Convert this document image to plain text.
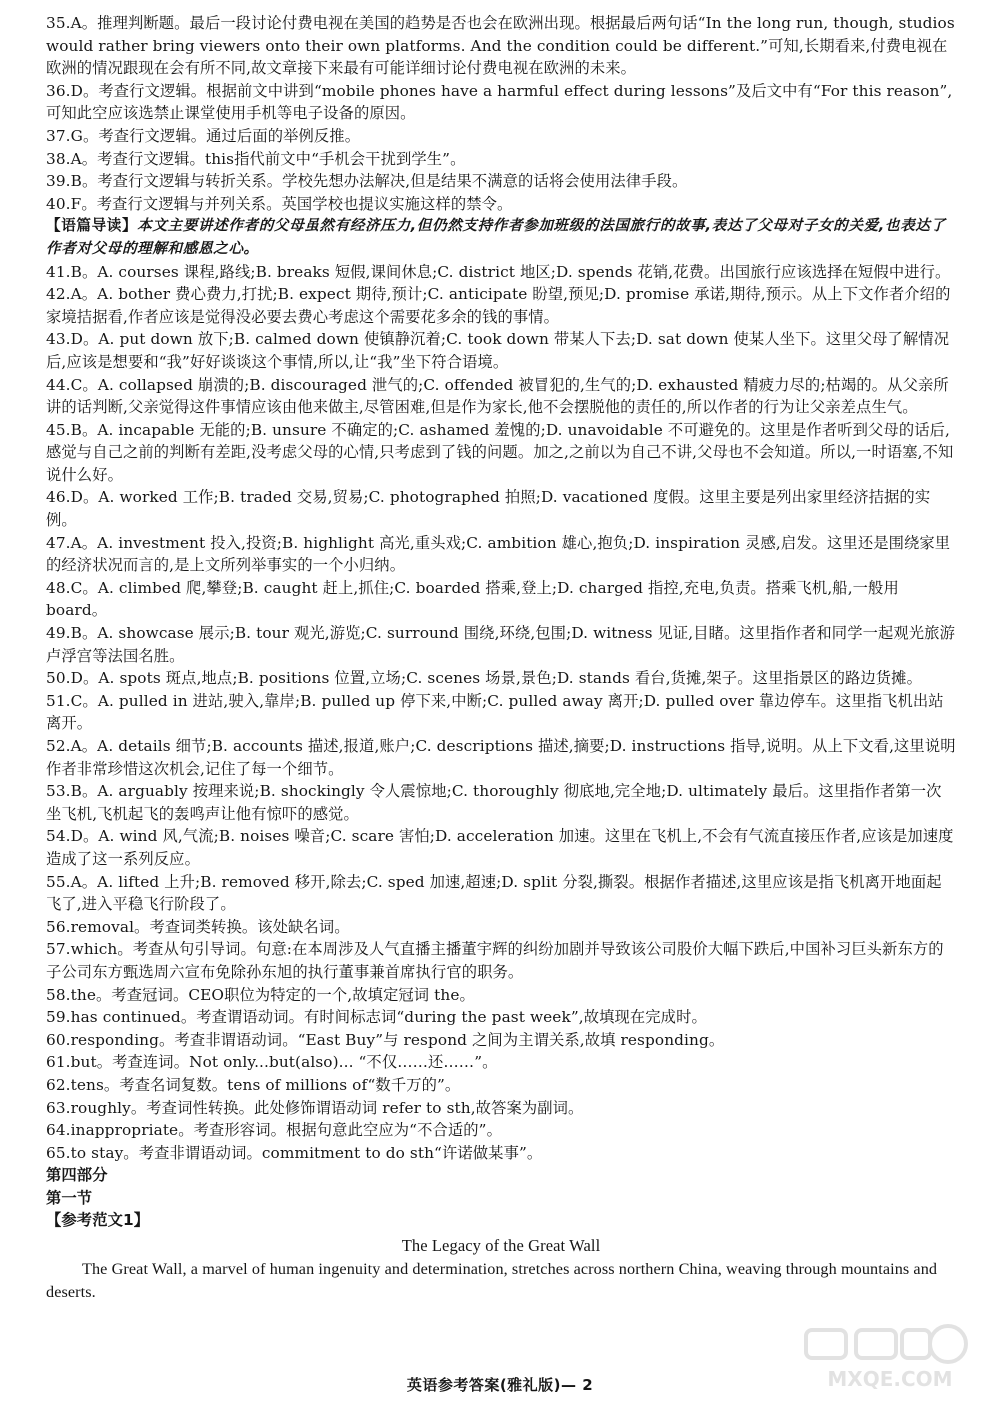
35.A。推理判断题。最后一段讨论付费电视在美国的趋势是否也会在欧洲出现。根据最后两句话“In the long run, though, studios would rather bring viewers onto their own platforms. And the condition could be different.”可知,长期看来,付费电视在欧洲的情况跟现在会有所不同,故文章接下来最有可能详细讨论付费电视在欧洲的未来。

36.D。考查行文逻辑。根据前文中讲到“mobile phones have a harmful effect during lessons”及后文中有“For this reason”,可知此空应该选禁止课堂使用手机等电子设备的原因。

37.G。考查行文逻辑。通过后面的举例反推。

38.A。考查行文逻辑。this指代前文中“手机会干扰到学生”。

39.B。考查行文逻辑与转折关系。学校先想办法解决,但是结果不满意的话将会使用法律手段。

40.F。考查行文逻辑与并列关系。英国学校也提议实施这样的禁令。

【语篇导读】本文主要讲述作者的父母虽然有经济压力,但仍然支持作者参加班级的法国旅行的故事,表达了父母对子女的关爱,也表达了作者对父母的理解和感恩之心。

41.B。A. courses 课程,路线;B. breaks 短假,课间休息;C. district 地区;D. spends 花销,花费。出国旅行应该选择在短假中进行。

42.A。A. bother 费心费力,打扰;B. expect 期待,预计;C. anticipate 盼望,预见;D. promise 承诺,期待,预示。从上下文作者介绍的家境拮据看,作者应该是觉得没必要去费心考虑这个需要花多余的钱的事情。

43.D。A. put down 放下;B. calmed down 使镇静沉着;C. took down 带某人下去;D. sat down 使某人坐下。这里父母了解情况后,应该是想要和“我”好好谈谈这个事情,所以,让“我”坐下符合语境。

44.C。A. collapsed 崩溃的;B. discouraged 泄气的;C. offended 被冒犯的,生气的;D. exhausted 精疲力尽的;枯竭的。从父亲所讲的话判断,父亲觉得这件事情应该由他来做主,尽管困难,但是作为家长,他不会摆脱他的责任的,所以作者的行为让父亲差点生气。

45.B。A. incapable 无能的;B. unsure 不确定的;C. ashamed 羞愧的;D. unavoidable 不可避免的。这里是作者听到父母的话后,感觉与自己之前的判断有差距,没考虑父母的心情,只考虑到了钱的问题。加之,之前以为自己不讲,父母也不会知道。所以,一时语塞,不知说什么好。

46.D。A. worked 工作;B. traded 交易,贸易;C. photographed 拍照;D. vacationed 度假。这里主要是列出家里经济拮据的实例。

47.A。A. investment 投入,投资;B. highlight 高光,重头戏;C. ambition 雄心,抱负;D. inspiration 灵感,启发。这里还是围绕家里的经济状况而言的,是上文所列举事实的一个小归纳。

48.C。A. climbed 爬,攀登;B. caught 赶上,抓住;C. boarded 搭乘,登上;D. charged 指控,充电,负责。搭乘飞机,船,一般用 board。

49.B。A. showcase 展示;B. tour 观光,游览;C. surround 围绕,环绕,包围;D. witness 见证,目睹。这里指作者和同学一起观光旅游卢浮宫等法国名胜。

50.D。A. spots 斑点,地点;B. positions 位置,立场;C. scenes 场景,景色;D. stands 看台,货摊,架子。这里指景区的路边货摊。

51.C。A. pulled in 进站,驶入,靠岸;B. pulled up 停下来,中断;C. pulled away 离开;D. pulled over 靠边停车。这里指飞机出站离开。

52.A。A. details 细节;B. accounts 描述,报道,账户;C. descriptions 描述,摘要;D. instructions 指导,说明。从上下文看,这里说明作者非常珍惜这次机会,记住了每一个细节。

53.B。A. arguably 按理来说;B. shockingly 令人震惊地;C. thoroughly 彻底地,完全地;D. ultimately 最后。这里指作者第一次坐飞机,飞机起飞的轰鸣声让他有惊吓的感觉。

54.D。A. wind 风,气流;B. noises 噪音;C. scare 害怕;D. acceleration 加速。这里在飞机上,不会有气流直接压作者,应该是加速度造成了这一系列反应。

55.A。A. lifted 上升;B. removed 移开,除去;C. sped 加速,超速;D. split 分裂,撕裂。根据作者描述,这里应该是指飞机离开地面起飞了,进入平稳飞行阶段了。

56.removal。考查词类转换。该处缺名词。

57.which。考查从句引导词。句意:在本周涉及人气直播主播董宇辉的纠纷加剧并导致该公司股价大幅下跌后,中国补习巨头新东方的子公司东方甄选周六宣布免除孙东旭的执行董事兼首席执行官的职务。

58.the。考查冠词。CEO职位为特定的一个,故填定冠词 the。

59.has continued。考查谓语动词。有时间标志词“during the past week”,故填现在完成时。

60.responding。考查非谓语动词。“East Buy”与 respond 之间为主谓关系,故填 responding。

61.but。考查连词。Not only...but(also)... “不仅……还……”。

62.tens。考查名词复数。tens of millions of“数千万的”。

63.roughly。考查词性转换。此处修饰谓语动词 refer to sth,故答案为副词。

64.inappropriate。考查形容词。根据句意此空应为“不合适的”。

65.to stay。考查非谓语动词。commitment to do sth“许诺做某事”。

第四部分
第一节
【参考范文1】
The Legacy of the Great Wall

The Great Wall, a marvel of human ingenuity and determination, stretches across northern China, weaving through mountains and deserts.

英语参考答案(雅礼版)— 2	MXQE.COM
